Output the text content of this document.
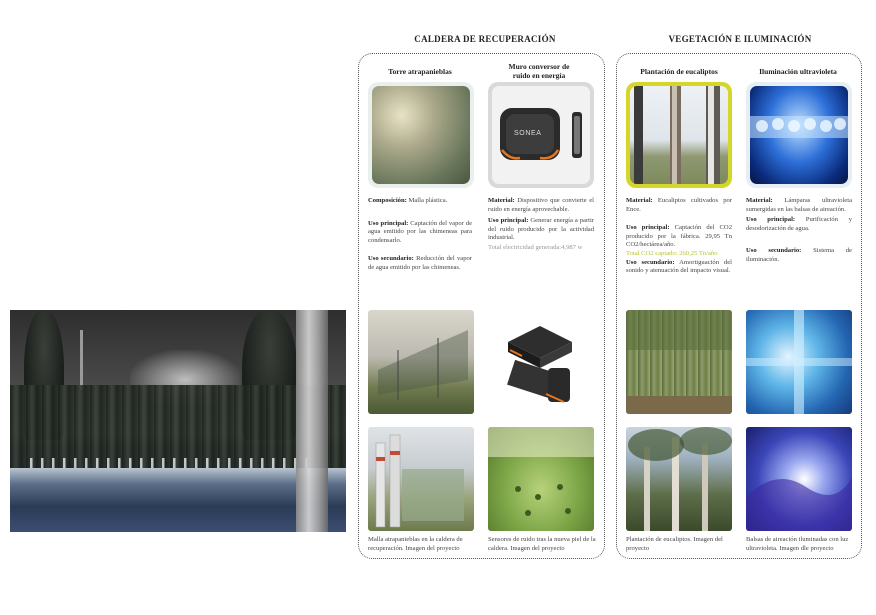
CALDERA DE RECUPERACIÓN	VEGETACIÓN E ILUMINACIÓN
Torre atrapanieblas

Composición: Malla plástica.

Uso principal: Captación del vapor de agua emitido por las chimeneas para condensarlo.

Uso secundario: Reducción del vapor de agua emitido por las chimeneas.

Malla atrapanieblas en la caldera de recuperación. Imagen del proyecto
Muro conversor de
ruido en energía
SONEA

Material: Dispositivo que convierte el ruido en energía aprovechable.

Uso principal: Generar energía a partir del ruido producido por la actividad industrial.

Total electricidad generada:4,987 w

Sensores de ruido tras la nueva piel de la caldera. Imagen del proyecto
Plantación de eucaliptos

Material: Eucaliptos cultivados por Ence.

Uso principal: Captación del CO2 producido por la fábrica. 29,95 Tn CO2/hectárea/año.

Total CO2 captado: 260,25 Tn/año

Uso secundario: Amortiguación del sonido y atenuación del impacto visual.

Plantación de eucaliptos. Imagen del proyecto
Iluminación ultravioleta

Material: Lámparas ultravioleta sumergidas en las balsas de aireación.

Uso principal: Purificación y desodorización de agua.

Uso secundario: Sistema de iluminación.

Balsas de aireación iluminadas con luz ultravioleta. Imagen dle proyecto
